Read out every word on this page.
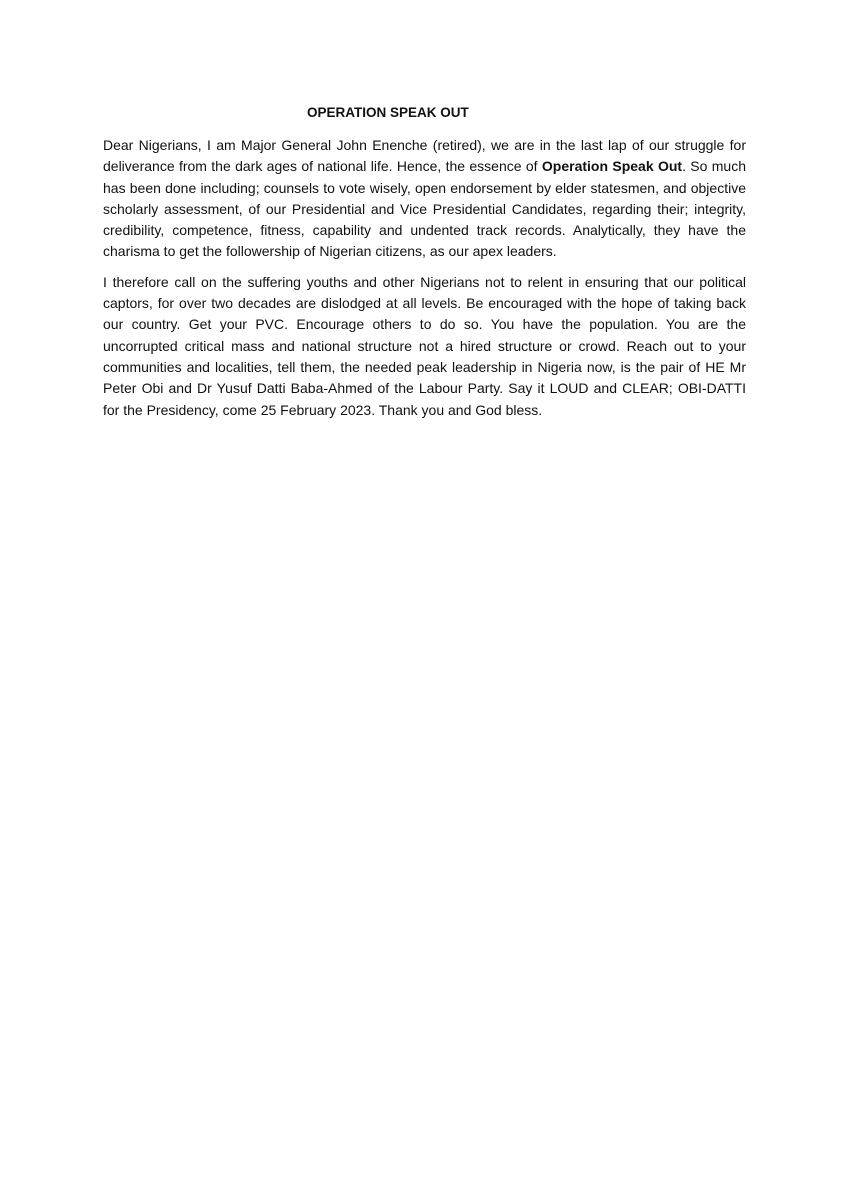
OPERATION SPEAK OUT

Dear Nigerians, I am Major General John Enenche (retired), we are in the last lap of our struggle for deliverance from the dark ages of national life. Hence, the essence of Operation Speak Out. So much has been done including; counsels to vote wisely, open endorsement by elder statesmen, and objective scholarly assessment, of our Presidential and Vice Presidential Candidates, regarding their; integrity, credibility, competence, fitness, capability and undented track records. Analytically, they have the charisma to get the followership of Nigerian citizens, as our apex leaders.

I therefore call on the suffering youths and other Nigerians not to relent in ensuring that our political captors, for over two decades are dislodged at all levels. Be encouraged with the hope of taking back our country. Get your PVC. Encourage others to do so. You have the population. You are the uncorrupted critical mass and national structure not a hired structure or crowd. Reach out to your communities and localities, tell them, the needed peak leadership in Nigeria now, is the pair of HE Mr Peter Obi and Dr Yusuf Datti Baba-Ahmed of the Labour Party. Say it LOUD and CLEAR; OBI-DATTI for the Presidency, come 25 February 2023. Thank you and God bless.
